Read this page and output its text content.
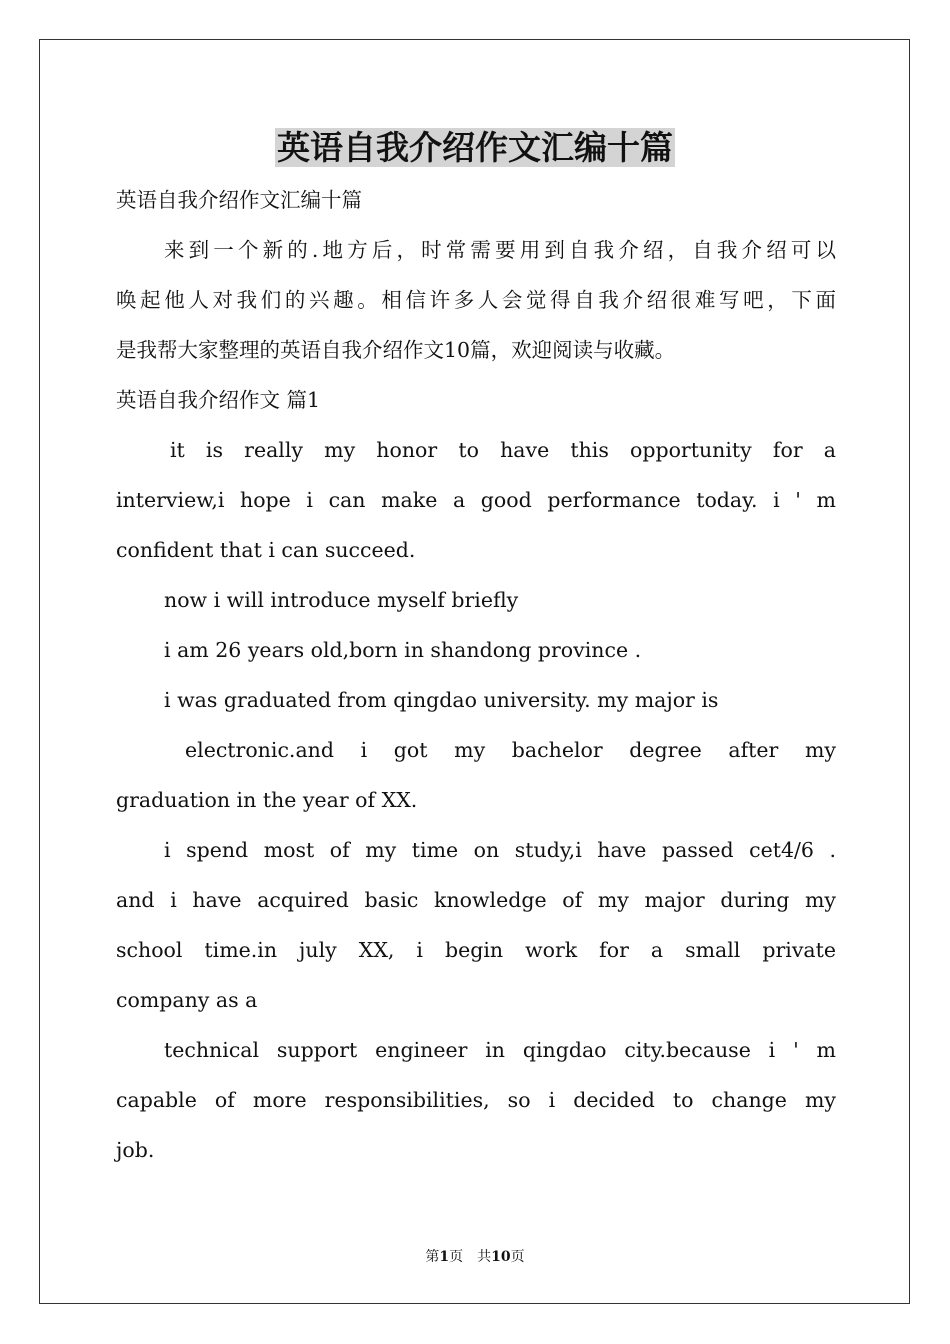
英语自我介绍作文汇编十篇
英语自我介绍作文汇编十篇
来到一个新的.地方后，时常需要用到自我介绍，自我介绍可以
唤起他人对我们的兴趣。相信许多人会觉得自我介绍很难写吧，下面
是我帮大家整理的英语自我介绍作文10篇，欢迎阅读与收藏。
英语自我介绍作文 篇1
it is really my honor to have this opportunity for a
interview,i hope i can make a good performance today. i ' m
confident that i can succeed.
now i will introduce myself briefly
i am 26 years old,born in shandong province .
i was graduated from qingdao university. my major is
electronic.and i got my bachelor degree after my
graduation in the year of XX.
i spend most of my time on study,i have passed cet4/6 .
and i have acquired basic knowledge of my major during my
school time.in july XX, i begin work for a small private
company as a
technical support engineer in qingdao city.because i ' m
capable of more responsibilities, so i decided to change my
job.
第1页 共10页
